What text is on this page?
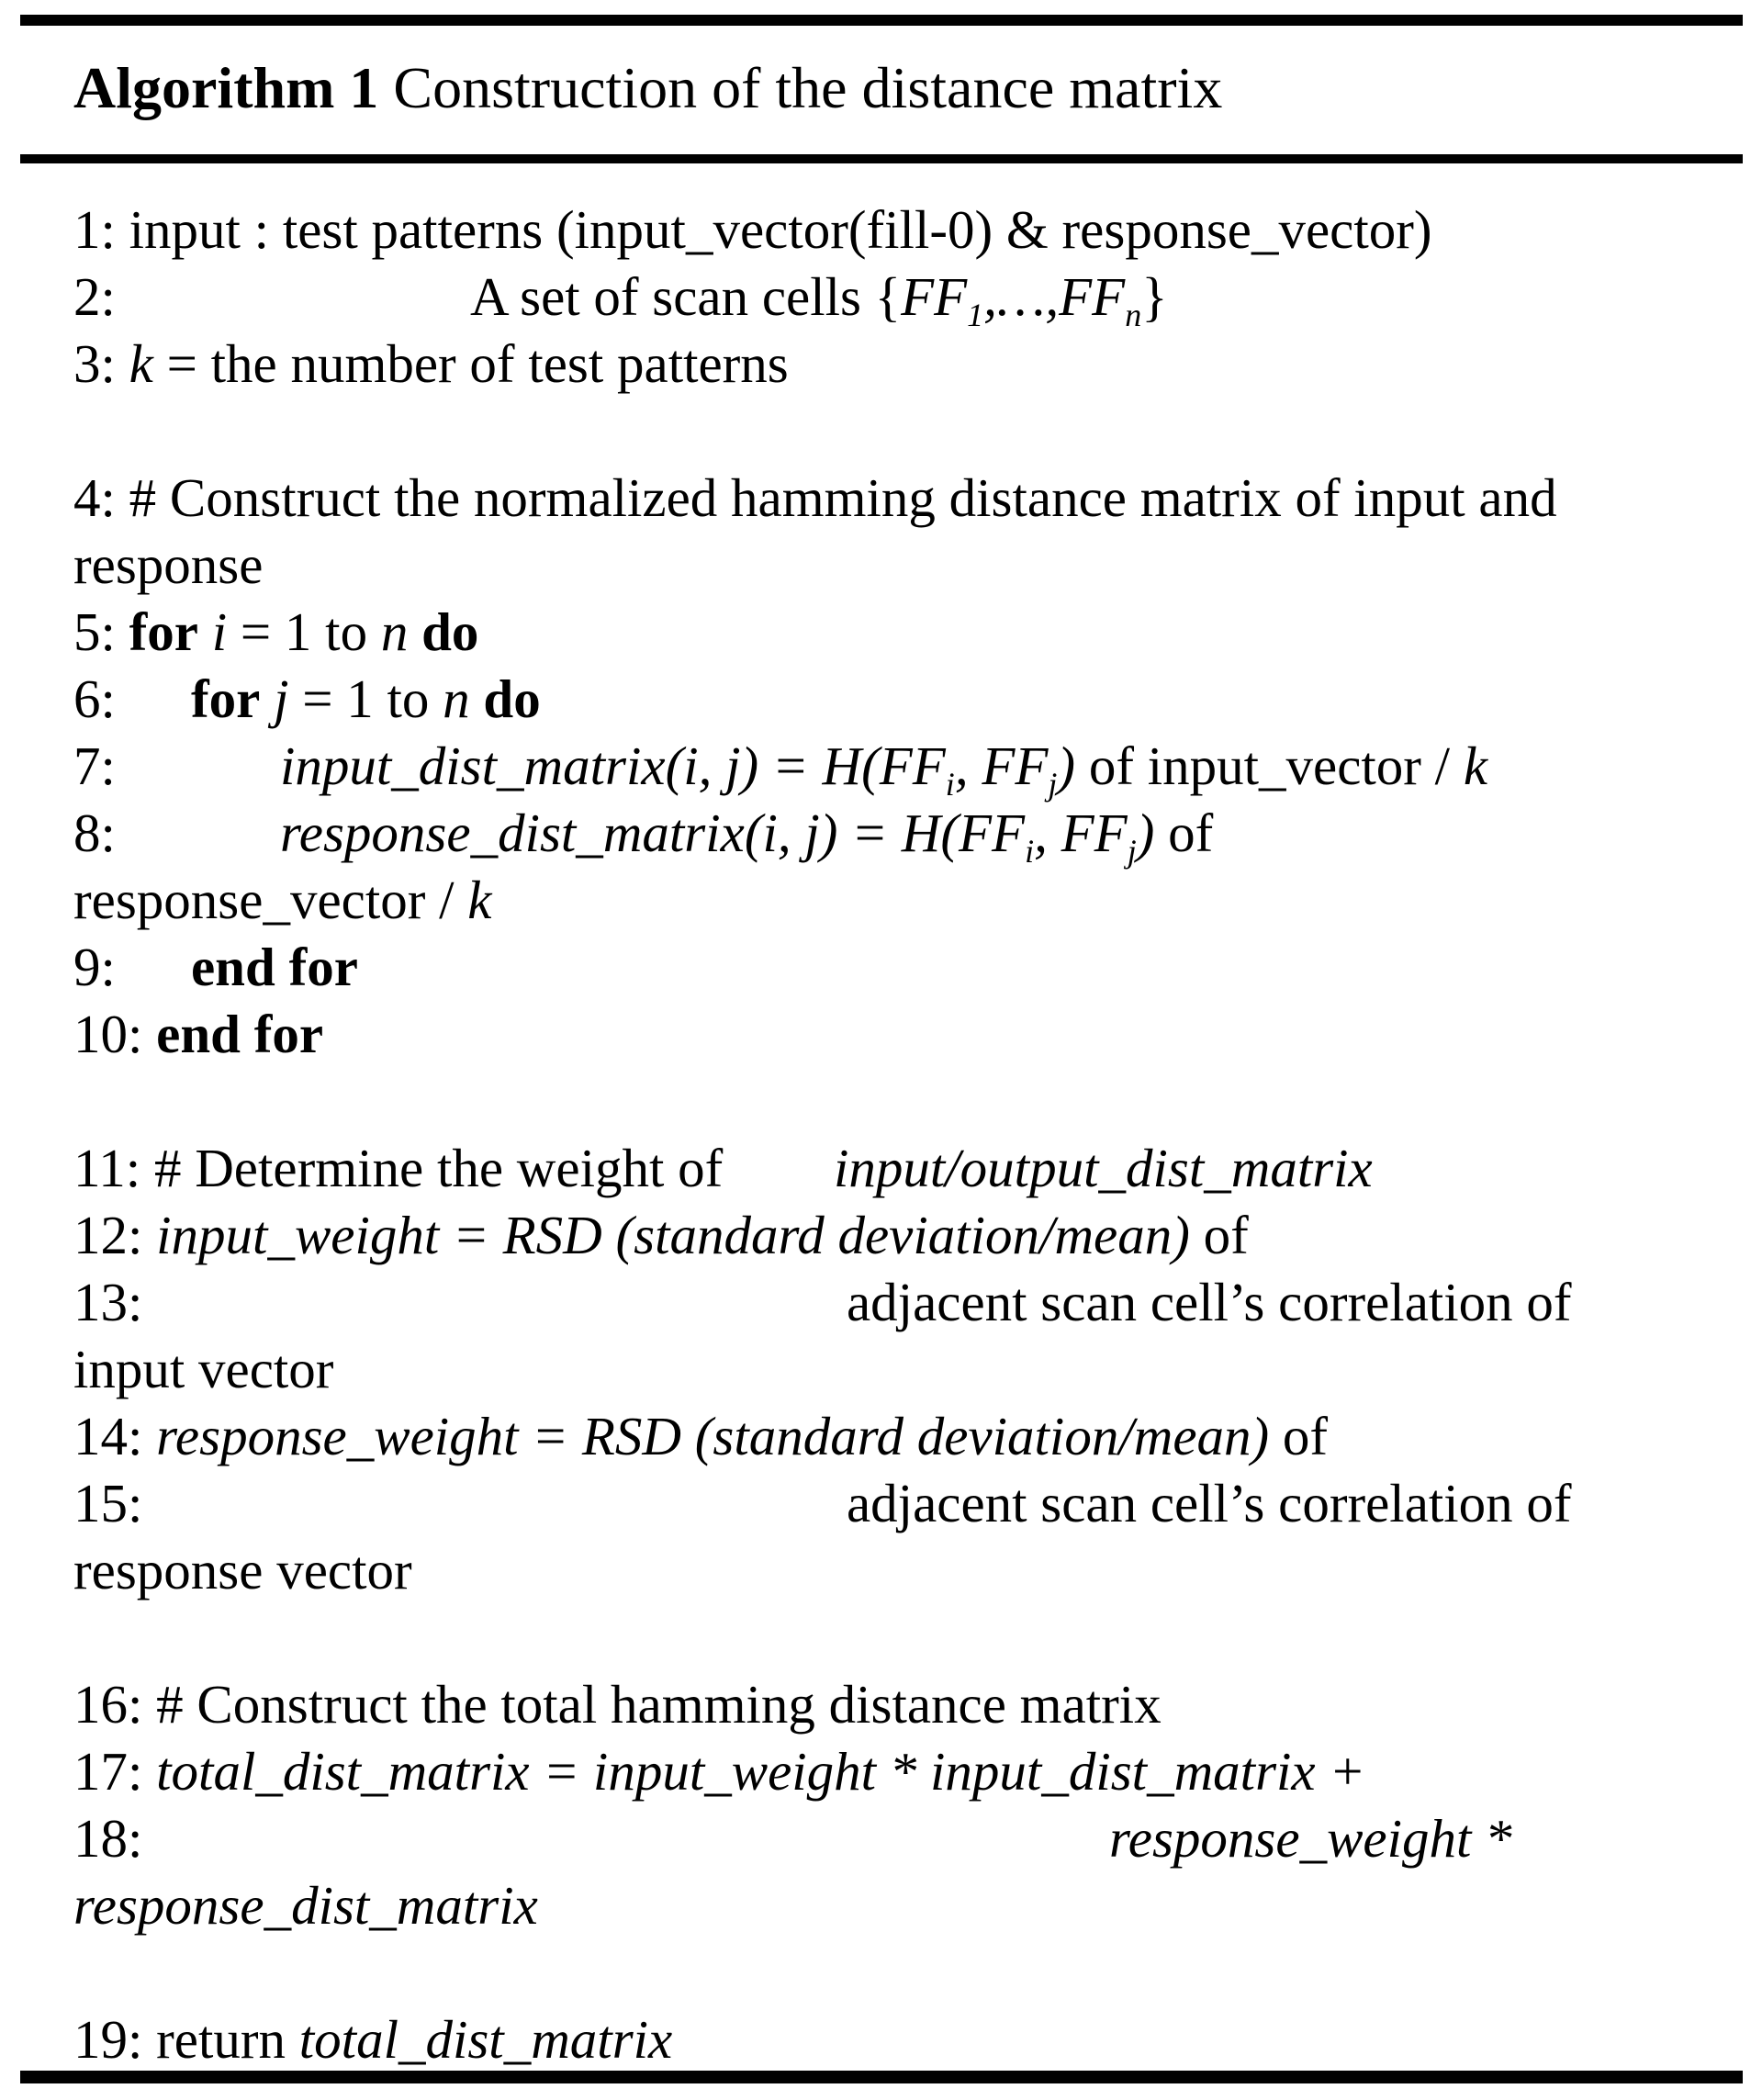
Algorithm 1 Construction of the distance matrix
1: input : test patterns (input_vector(fill-0) & response_vector)
2:	A set of scan cells $\{FF_1,\dots,FF_n\}$
3: k = the number of test patterns
4: # Construct the normalized hamming distance matrix of input and
response
5: for i = 1 to n do
6: for j = 1 to n do
7:	input_dist_matrix(i, $j) = H(FF_i$, $FF_j$) of input_vector / k
8:	response_dist_matrix(i, $j) = H(FF_i$, $FF_j$) of
response_vector / k
9: end for
10: end for
11: # Determine the weight of input/output_dist_matrix
12: input_weight = RSD (standard deviation/mean) of
13:	adjacent scan cell’s correlation of
input vector
14: response_weight = RSD (standard deviation/mean) of
15:	adjacent scan cell’s correlation of
response vector
16: # Construct the total hamming distance matrix
17: total_dist_matrix = input_weight * input_dist_matrix +
18:	response_weight *
response_dist_matrix
19: return total_dist_matrix
